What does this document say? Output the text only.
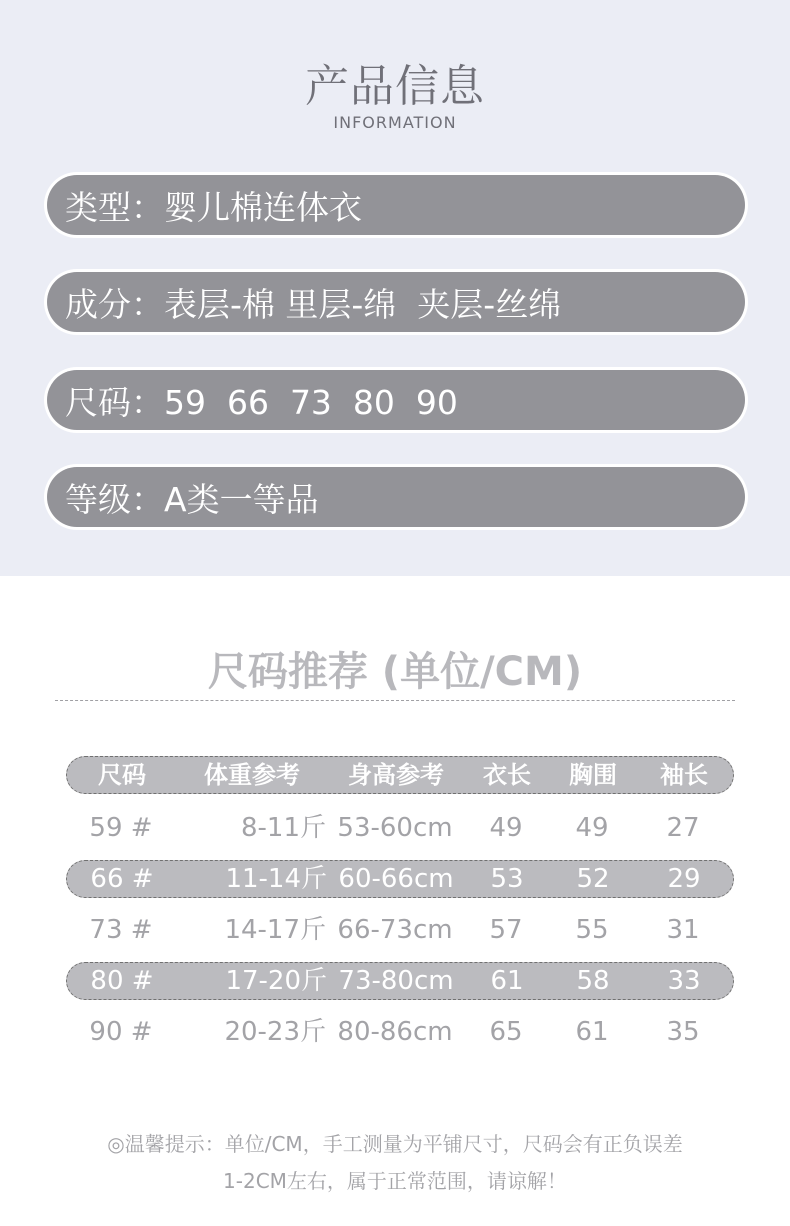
产品信息
INFORMATION
类型：婴儿棉连体衣
成分：表层-棉 里层-绵  夹层-丝绵
尺码：59  66  73  80  90
等级：A类一等品
尺码推荐 (单位/CM)
尺码	体重参考	身高参考	衣长	胸围	袖长
59 #	8-11斤 53-60cm	49	49	27
66 #	11-14斤 60-66cm	53	52	29
73 #	14-17斤 66-73cm	57	55	31
80 #	17-20斤 73-80cm	61	58	33
90 #	20-23斤 80-86cm	65	61	35
◎温馨提示：单位/CM，手工测量为平铺尺寸，尺码会有正负误差
1-2CM左右，属于正常范围，请谅解！
